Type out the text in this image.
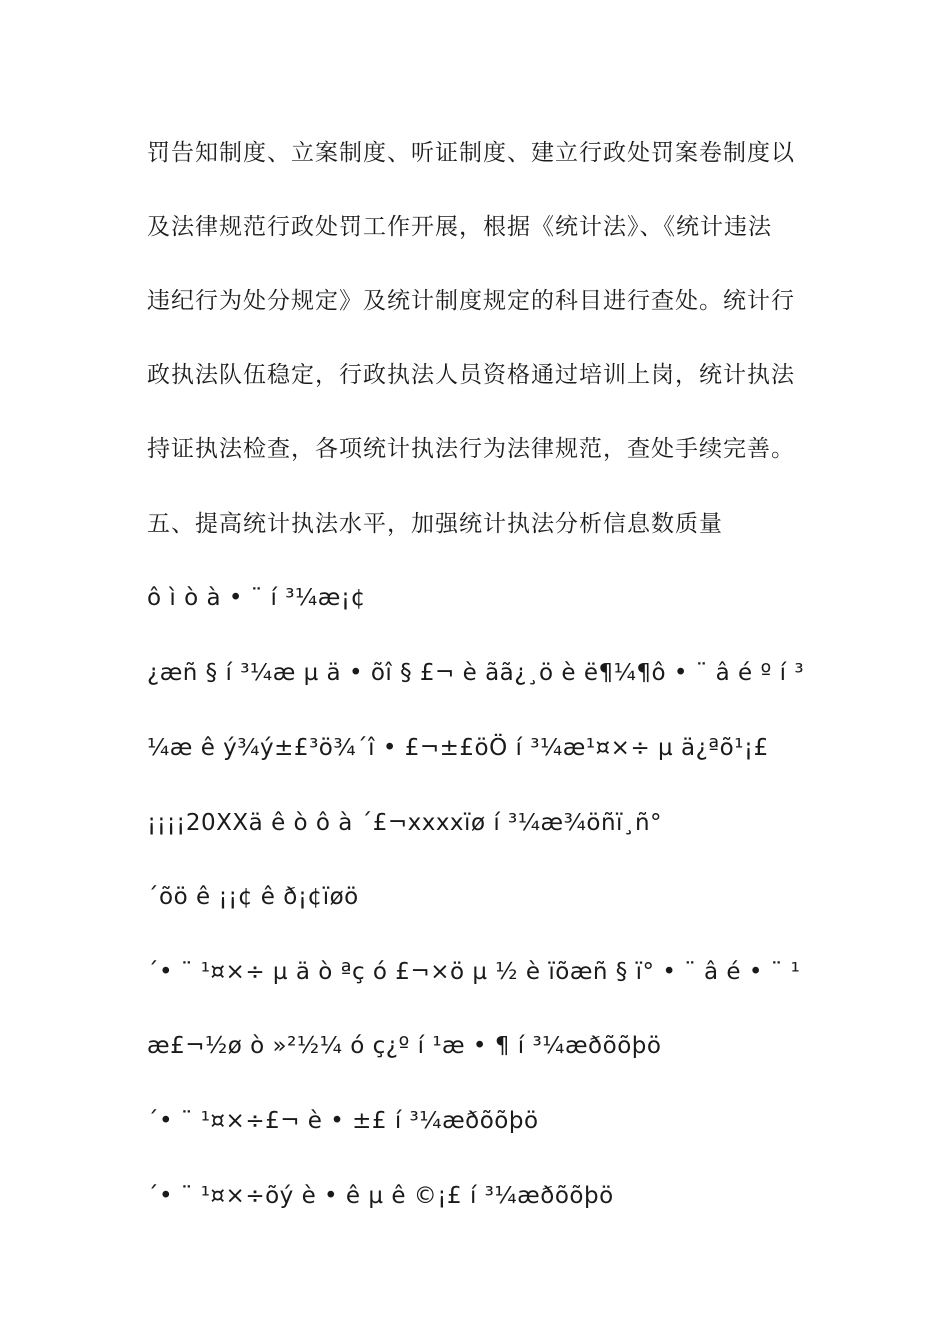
罚告知制度、立案制度、听证制度、建立行政处罚案卷制度以
及法律规范行政处罚工作开展，根据《统计法》、《统计违法
违纪行为处分规定》及统计制度规定的科目进行查处。统计行
政执法队伍稳定，行政执法人员资格通过培训上岗，统计执法
持证执法检查，各项统计执法行为法律规范，查处手续完善。
五、提高统计执法水平，加强统计执法分析信息数质量
ô ì ò à • ¨ í ³¼æ¡¢
¿æñ § í ³¼æ µ ä • õî § £¬ è ãã¿¸ö è ë¶¼¶ô • ¨ â é º í ³
¼æ ê ý¾ý±£³ö¾´î • £¬±£öÖ í ³¼æ¹¤×÷ µ ä¿ªõ¹¡£
¡¡¡¡20XXä ê ò ô à ´£¬xxxxïø í ³¼æ¾öñï¸ñ°
´õö ê ¡¡¢ ê ð¡¢ïøö
´• ¨ ¹¤×÷ µ ä ò ªç ó £¬×ö µ ½ è ïõæñ § ï° • ¨ â é • ¨ ¹
æ£¬½ø ò »²½¼ ó ç¿º í ¹æ • ¶ í ³¼æðõõþö
´• ¨ ¹¤×÷£¬ è • ±£ í ³¼æðõõþö
´• ¨ ¹¤×÷õý è • ê µ ê ©¡£ í ³¼æðõõþö
